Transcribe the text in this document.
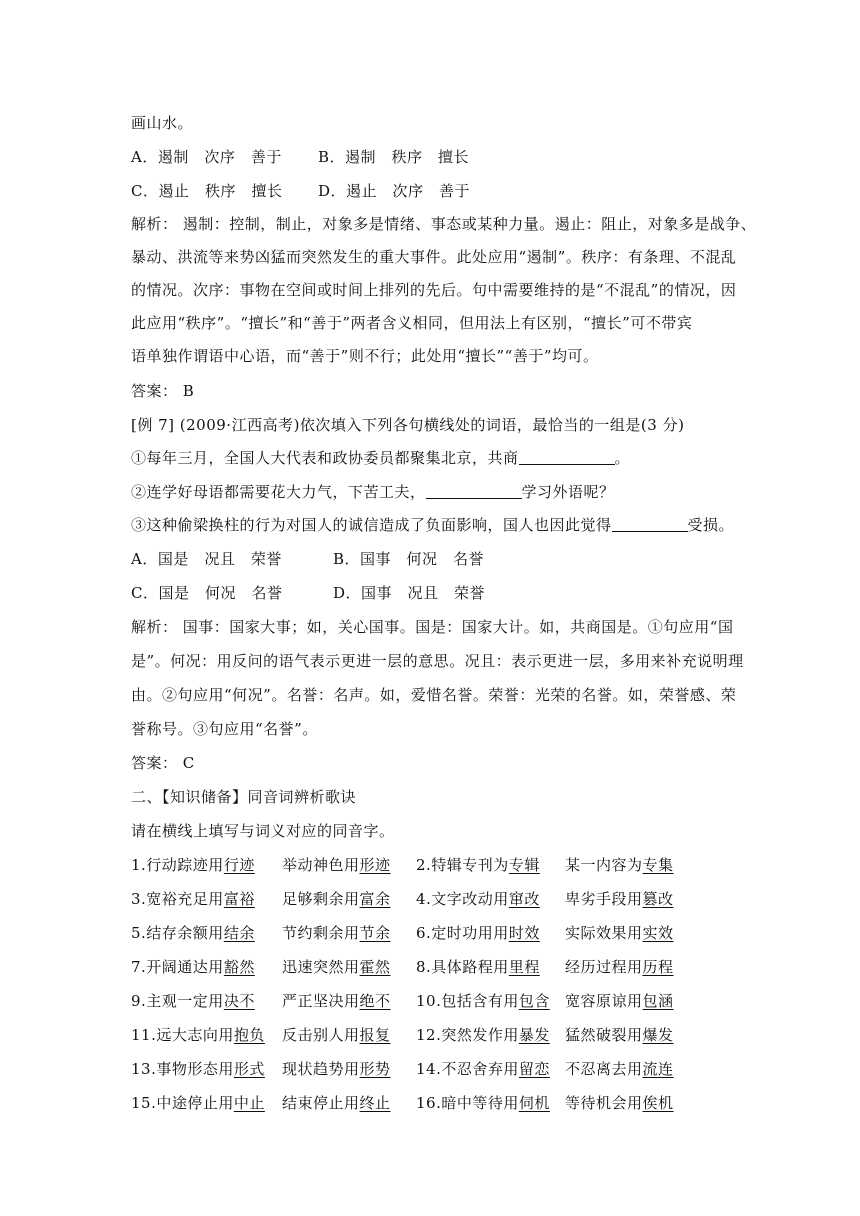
画山水。
A．遏制　次序　善于 B．遏制　秩序　擅长
C．遏止　秩序　擅长 D．遏止　次序　善于
解析： 遏制：控制，制止，对象多是情绪、事态或某种力量。遏止：阻止，对象多是战争、
暴动、洪流等来势凶猛而突然发生的重大事件。此处应用“遏制”。秩序：有条理、不混乱
的情况。次序：事物在空间或时间上排列的先后。句中需要维持的是“不混乱”的情况，因
此应用“秩序”。“擅长”和“善于”两者含义相同，但用法上有区别，“擅长”可不带宾
语单独作谓语中心语，而“善于”则不行；此处用“擅长”“善于”均可。
答案： B
[例 7] (2009·江西高考)依次填入下列各句横线处的词语，最恰当的一组是(3 分)
①每年三月，全国人大代表和政协委员都聚集北京，共商	。
②连学好母语都需要花大力气，下苦工夫，	学习外语呢？
③这种偷梁换柱的行为对国人的诚信造成了负面影响，国人也因此觉得	受损。
A．国是　况且　荣誉	B．国事　何况　名誉
C．国是　何况　名誉	D．国事　况且　荣誉
解析： 国事：国家大事；如，关心国事。国是：国家大计。如，共商国是。①句应用“国
是”。何况：用反问的语气表示更进一层的意思。况且：表示更进一层，多用来补充说明理
由。②句应用“何况”。名誉：名声。如，爱惜名誉。荣誉：光荣的名誉。如，荣誉感、荣
誉称号。③句应用“名誉”。
答案： C
二、【知识储备】同音词辨析歌诀
请在横线上填写与词义对应的同音字。
1.行动踪迹用行迹 举动神色用形迹 2.特辑专刊为专辑 某一内容为专集
3.宽裕充足用富裕 足够剩余用富余 4.文字改动用窜改 卑劣手段用篡改
5.结存余额用结余 节约剩余用节余 6.定时功用用时效 实际效果用实效
7.开阔通达用豁然 迅速突然用霍然 8.具体路程用里程 经历过程用历程
9.主观一定用决不 严正坚决用绝不 10.包括含有用包含 宽容原谅用包涵
11.远大志向用抱负 反击别人用报复 12.突然发作用暴发 猛然破裂用爆发
13.事物形态用形式 现状趋势用形势 14.不忍舍弃用留恋 不忍离去用流连
15.中途停止用中止 结束停止用终止 16.暗中等待用伺机 等待机会用俟机
